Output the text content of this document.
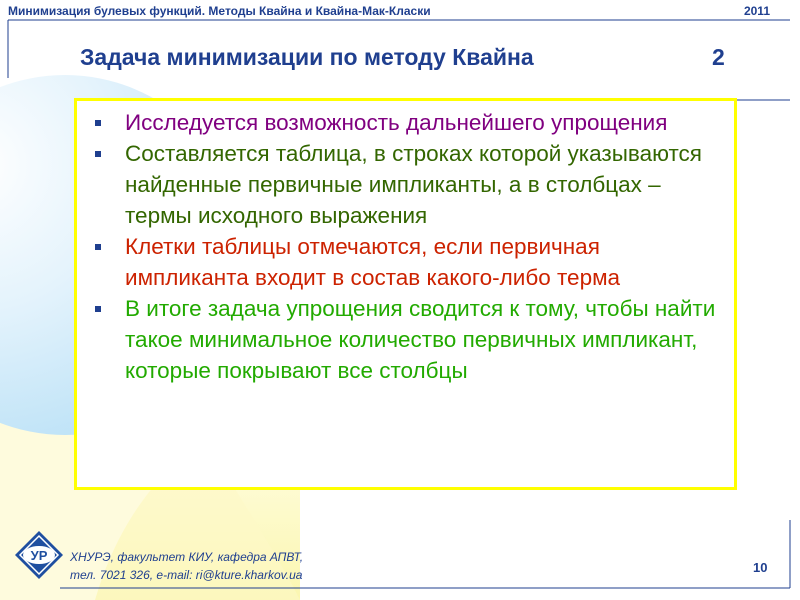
Минимизация булевых функций. Методы Квайна и Квайна-Мак-Класки	2011
Задача минимизации по методу Квайна	2
Исследуется возможность дальнейшего упрощения
Составляется таблица, в строках которой указываются найденные первичные импликанты, а в столбцах – термы исходного выражения
Клетки таблицы отмечаются, если первичная импликанта входит в состав какого-либо терма
В итоге задача упрощения сводится к тому, чтобы найти такое минимальное количество первичных импликант, которые покрывают все столбцы
УР ХНУРЭ, факультет КИУ, кафедра АПВТ,
тел. 7021 326, e-mail: ri@kture.kharkov.ua	10
